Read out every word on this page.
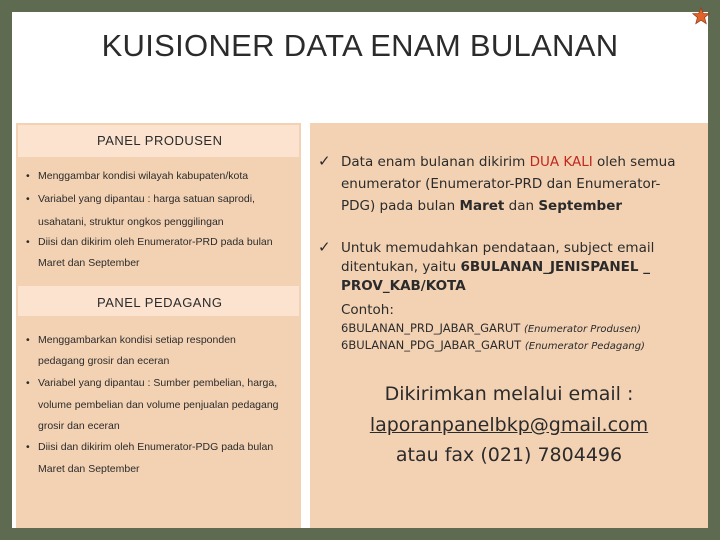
KUISIONER DATA ENAM BULANAN
PANEL PRODUSEN
• Menggambar kondisi wilayah kabupaten/kota
• Variabel yang dipantau : harga satuan saprodi,
usahatani, struktur ongkos penggilingan
• Diisi dan dikirim oleh Enumerator-PRD pada bulan
Maret dan September
PANEL PEDAGANG
• Menggambarkan kondisi setiap responden
pedagang grosir dan eceran
• Variabel yang dipantau : Sumber pembelian, harga,
volume pembelian dan volume penjualan pedagang
grosir dan eceran
• Diisi dan dikirim oleh Enumerator-PDG pada bulan
Maret dan September
✓ Data enam bulanan dikirim DUA KALI oleh semua
enumerator (Enumerator-PRD dan Enumerator-
PDG) pada bulan Maret dan September
✓ Untuk memudahkan pendataan, subject email
ditentukan, yaitu 6BULANAN_JENISPANEL _
PROV_KAB/KOTA
Contoh:
6BULANAN_PRD_JABAR_GARUT (Enumerator Produsen)
6BULANAN_PDG_JABAR_GARUT (Enumerator Pedagang)
Dikirimkan melalui email :
laporanpanelbkp@gmail.com
atau fax (021) 7804496
